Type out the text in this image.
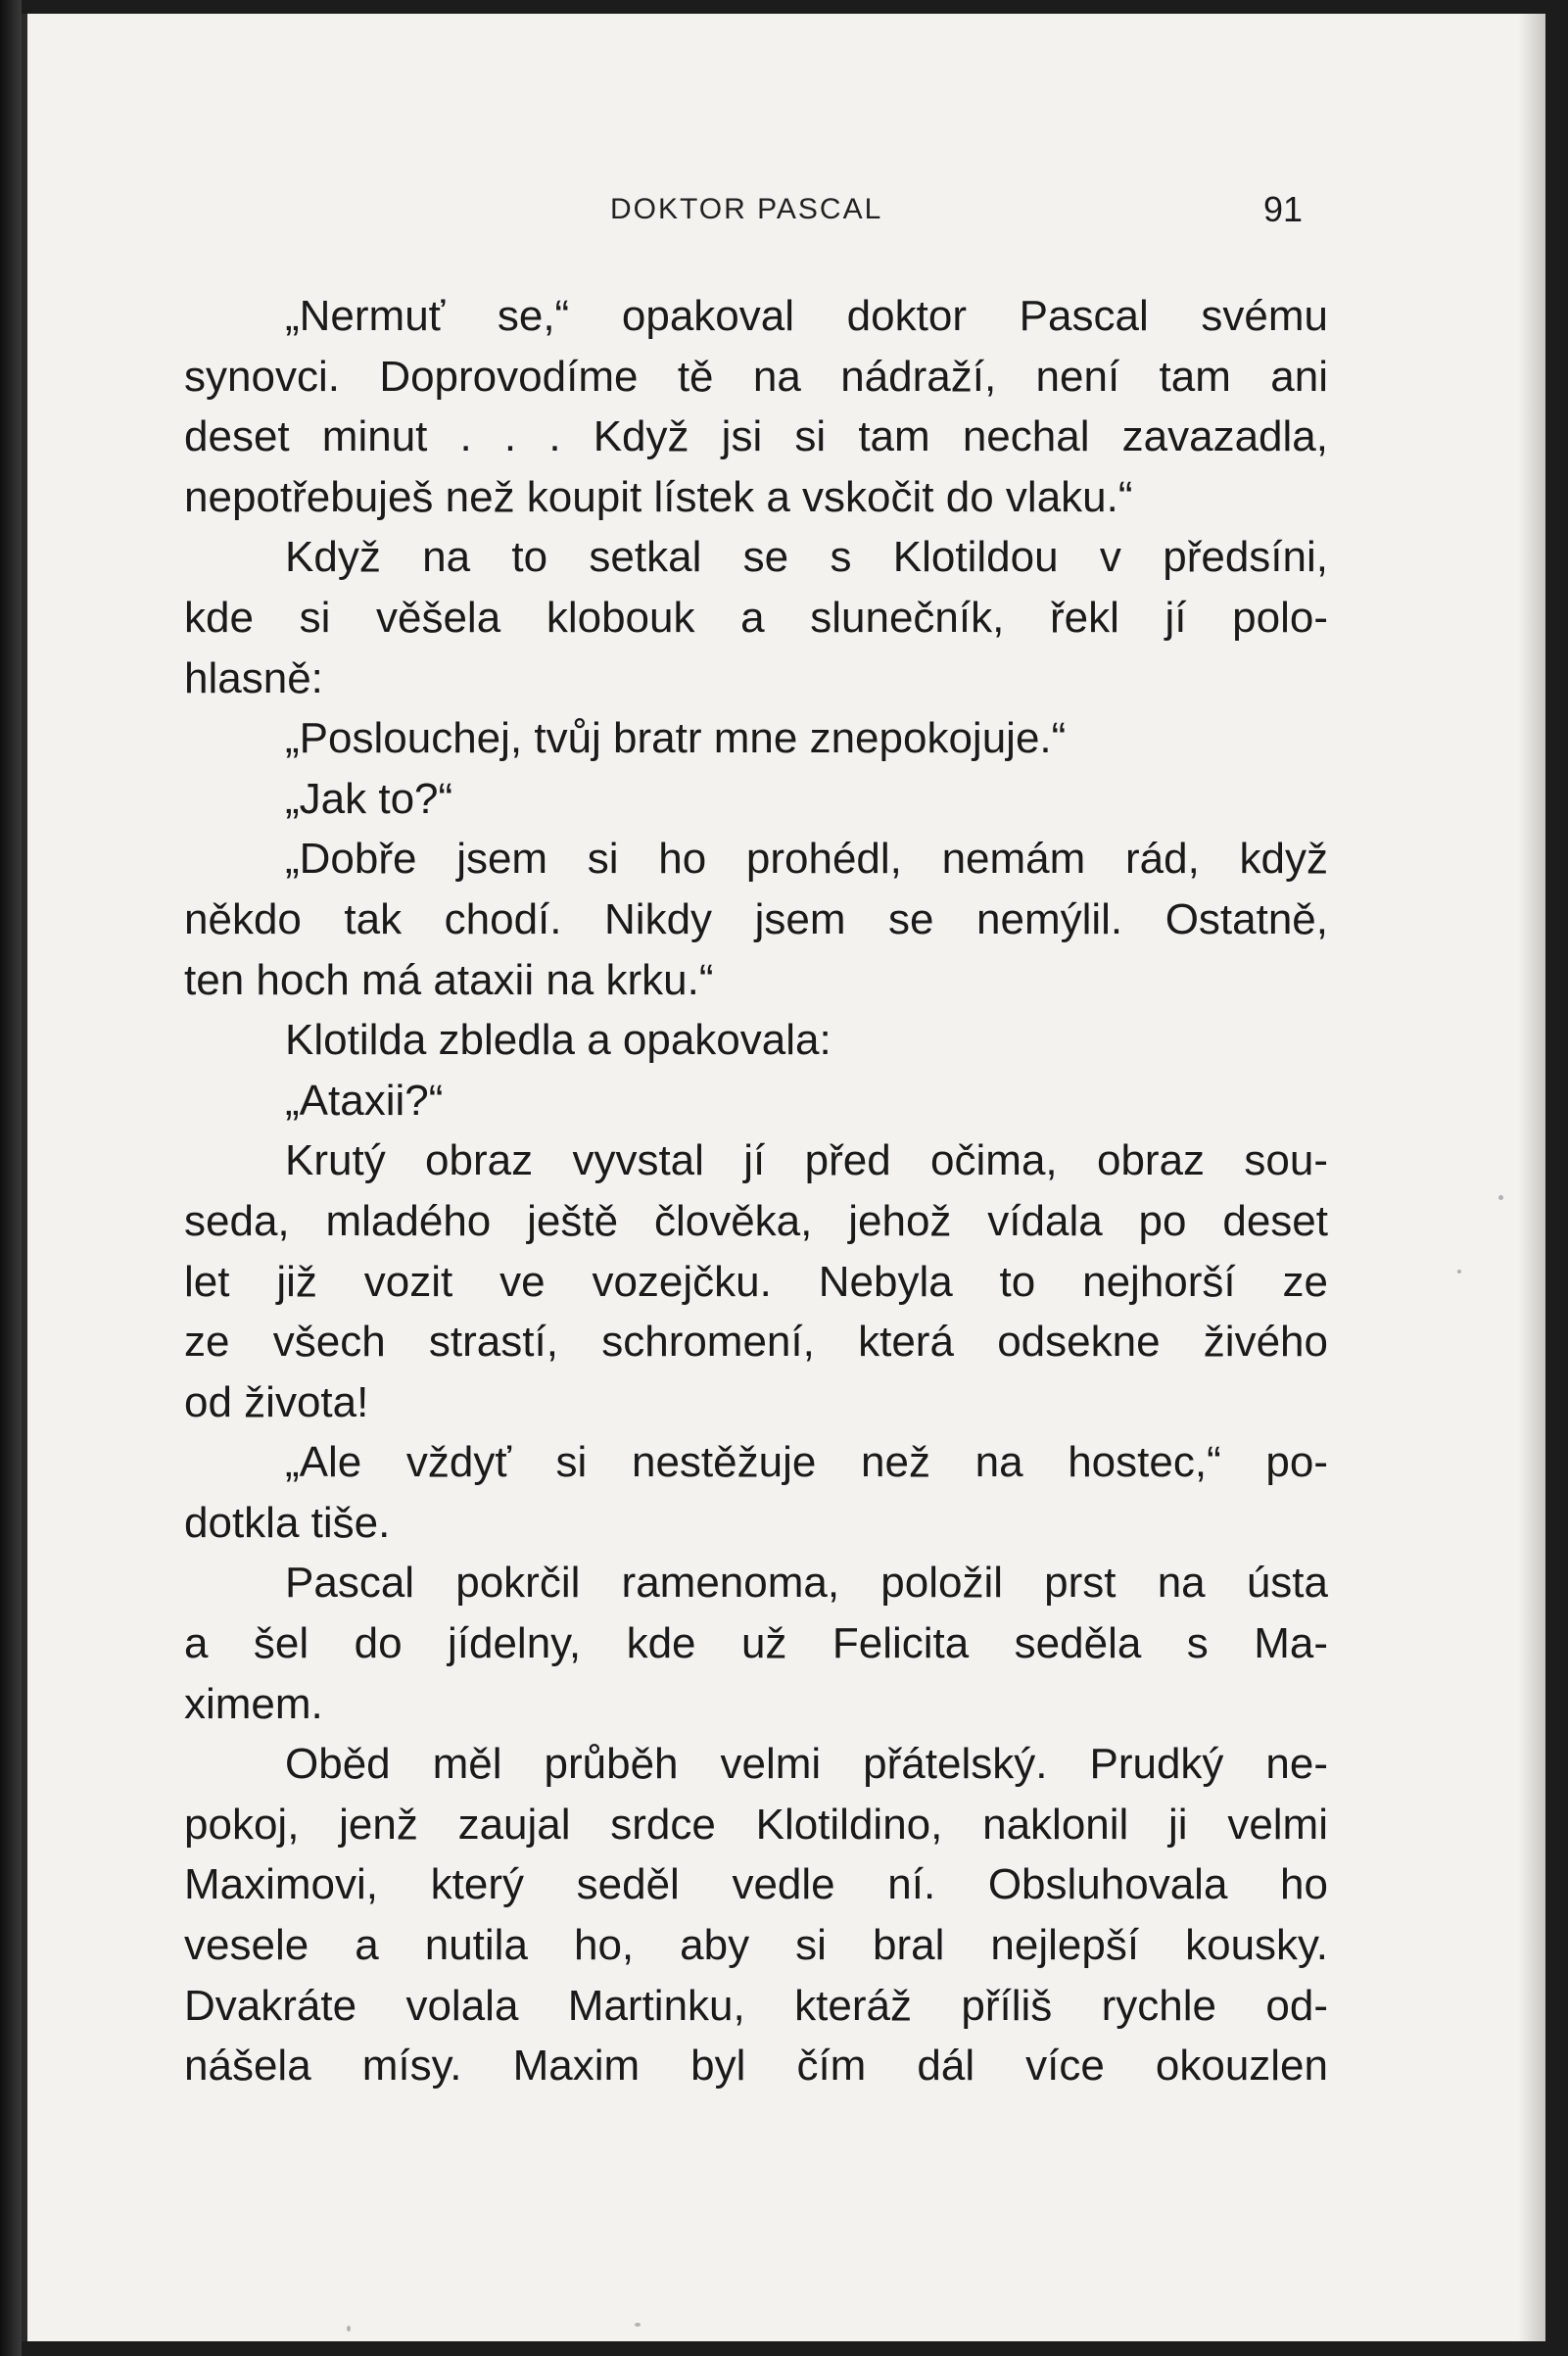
DOKTOR PASCAL	91
„Nermuť se,“ opakoval doktor Pascal svému
synovci. Doprovodíme tě na nádraží, není tam ani
deset minut . . . Když jsi si tam nechal zavazadla,
nepotřebuješ než koupit lístek a vskočit do vlaku.“
Když na to setkal se s Klotildou v předsíni,
kde si věšela klobouk a slunečník, řekl jí polo-
hlasně:
„Poslouchej, tvůj bratr mne znepokojuje.“
„Jak to?“
„Dobře jsem si ho prohédl, nemám rád, když
někdo tak chodí. Nikdy jsem se nemýlil. Ostatně,
ten hoch má ataxii na krku.“
Klotilda zbledla a opakovala:
„Ataxii?“
Krutý obraz vyvstal jí před očima, obraz sou-
seda, mladého ještě člověka, jehož vídala po deset
let již vozit ve vozejčku. Nebyla to nejhorší ze
ze všech strastí, schromení, která odsekne živého
od života!
„Ale vždyť si nestěžuje než na hostec,“ po-
dotkla tiše.
Pascal pokrčil ramenoma, položil prst na ústa
a šel do jídelny, kde už Felicita seděla s Ma-
ximem.
Oběd měl průběh velmi přátelský. Prudký ne-
pokoj, jenž zaujal srdce Klotildino, naklonil ji velmi
Maximovi, který seděl vedle ní. Obsluhovala ho
vesele a nutila ho, aby si bral nejlepší kousky.
Dvakráte volala Martinku, kteráž příliš rychle od-
nášela mísy. Maxim byl čím dál více okouzlen
